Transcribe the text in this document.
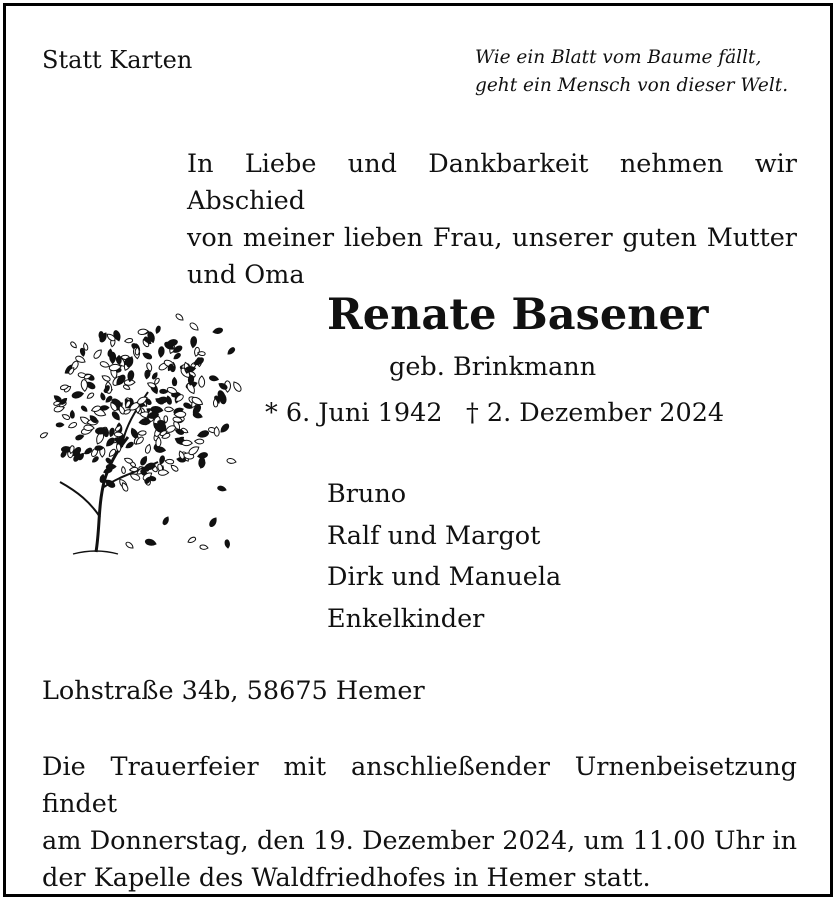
Statt Karten	Wie ein Blatt vom Baume fällt,
geht ein Mensch von dieser Welt.
In Liebe und Dankbarkeit nehmen wir Abschied
von meiner lieben Frau, unserer guten Mutter
und Oma
Renate Basener
geb. Brinkmann
* 6. Juni 1942 † 2. Dezember 2024
Bruno
Ralf und Margot
Dirk und Manuela
Enkelkinder
Lohstraße 34b, 58675 Hemer
Die Trauerfeier mit anschließender Urnenbeisetzung findet
am Donnerstag, den 19. Dezember 2024, um 11.00 Uhr in
der Kapelle des Waldfriedhofes in Hemer statt.
